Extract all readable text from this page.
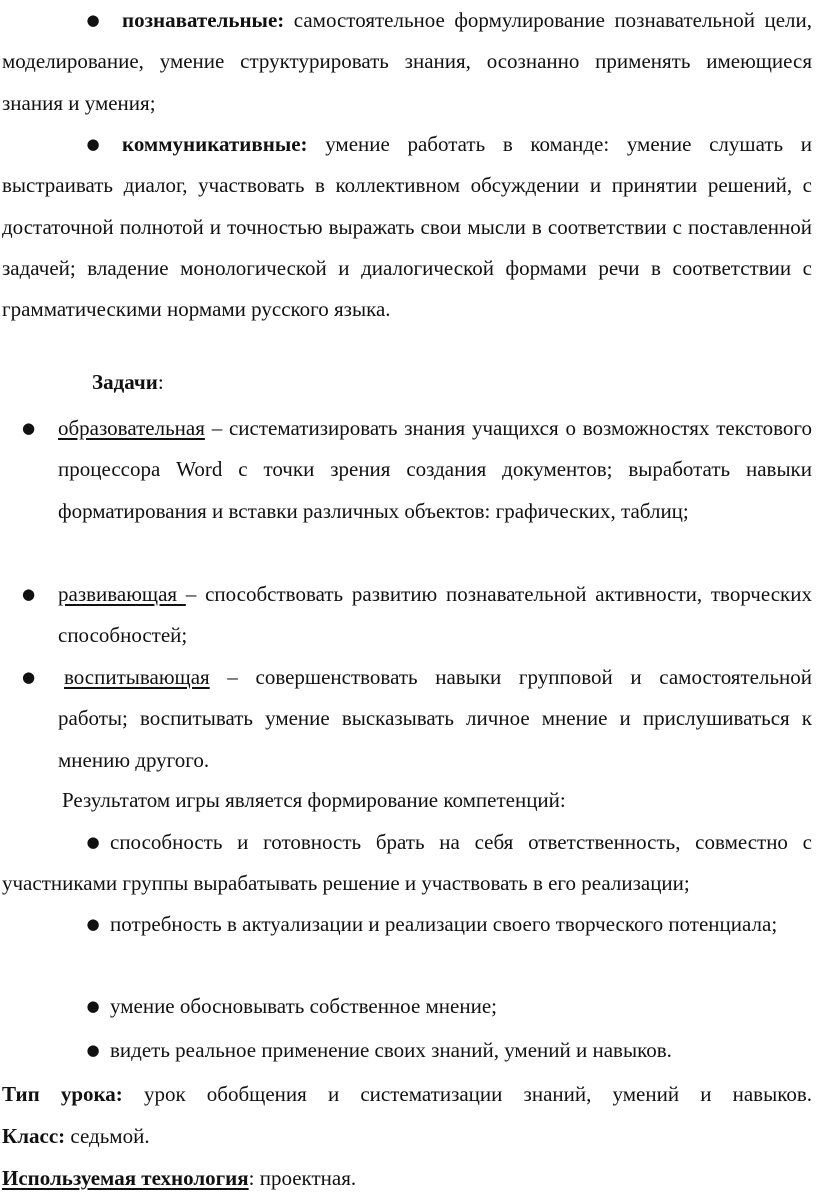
● познавательные: самостоятельное формулирование познавательной цели, моделирование, умение структурировать знания, осознанно применять имеющиеся знания и умения;

● коммуникативные: умение работать в команде: умение слушать и выстраивать диалог, участвовать в коллективном обсуждении и принятии решений, с достаточной полнотой и точностью выражать свои мысли в соответствии с поставленной задачей; владение монологической и диалогической формами речи в соответствии с грамматическими нормами русского языка.

Задачи:

● образовательная – систематизировать знания учащихся о возможностях текстового процессора Word с точки зрения создания документов; выработать навыки форматирования и вставки различных объектов: графических, таблиц;
● развивающая – способствовать развитию познавательной активности, творческих способностей;
● воспитывающая – совершенствовать навыки групповой и самостоятельной работы; воспитывать умение высказывать личное мнение и прислушиваться к мнению другого.

Результатом игры является формирование компетенций:

● способность и готовность брать на себя ответственность, совместно с участниками группы вырабатывать решение и участвовать в его реализации;

● потребность в актуализации и реализации своего творческого потенциала;

● умение обосновывать собственное мнение;

● видеть реальное применение своих знаний, умений и навыков.

Тип урока: урок обобщения и систематизации знаний, умений и навыков.

Класс: седьмой.

Используемая технология: проектная.
